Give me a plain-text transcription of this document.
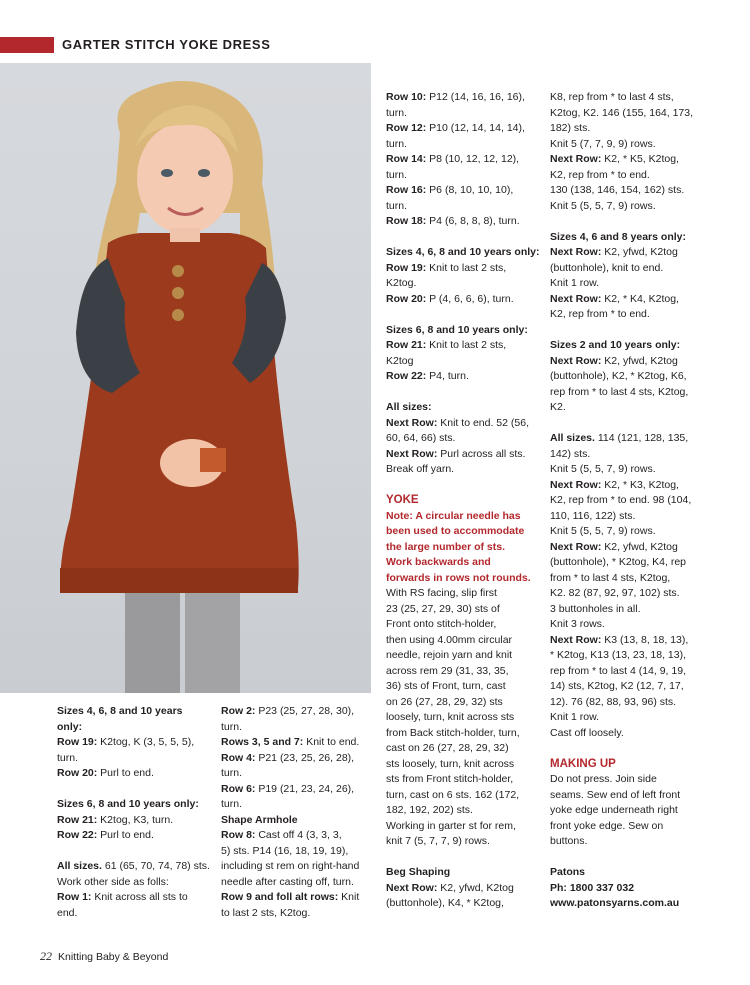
GARTER STITCH YOKE DRESS

Sizes 4, 6, 8 and 10 years

only:

Row 19: K2tog, K (3, 5, 5, 5),

turn.

Row 20: Purl to end.

Sizes 6, 8 and 10 years only:

Row 21: K2tog, K3, turn.

Row 22: Purl to end.

All sizes. 61 (65, 70, 74, 78) sts.

Work other side as folls:

Row 1: Knit across all sts to

end.

Row 2: P23 (25, 27, 28, 30),

turn.

Rows 3, 5 and 7: Knit to end.

Row 4: P21 (23, 25, 26, 28),

turn.

Row 6: P19 (21, 23, 24, 26),

turn.

Shape Armhole

Row 8: Cast off 4 (3, 3, 3,

5) sts. P14 (16, 18, 19, 19),

including st rem on right-hand

needle after casting off, turn.

Row 9 and foll alt rows: Knit

to last 2 sts, K2tog.

Row 10: P12 (14, 16, 16, 16),

turn.

Row 12: P10 (12, 14, 14, 14),

turn.

Row 14: P8 (10, 12, 12, 12),

turn.

Row 16: P6 (8, 10, 10, 10),

turn.

Row 18: P4 (6, 8, 8, 8), turn.

Sizes 4, 6, 8 and 10 years only:

Row 19: Knit to last 2 sts,

K2tog.

Row 20: P (4, 6, 6, 6), turn.

Sizes 6, 8 and 10 years only:

Row 21: Knit to last 2 sts,

K2tog

Row 22: P4, turn.

All sizes:

Next Row: Knit to end. 52 (56,

60, 64, 66) sts.

Next Row: Purl across all sts.

Break off yarn.

YOKE

Note: A circular needle has

been used to accommodate

the large number of sts.

Work backwards and

forwards in rows not rounds.

With RS facing, slip first

23 (25, 27, 29, 30) sts of

Front onto stitch-holder,

then using 4.00mm circular

needle, rejoin yarn and knit

across rem 29 (31, 33, 35,

36) sts of Front, turn, cast

on 26 (27, 28, 29, 32) sts

loosely, turn, knit across sts

from Back stitch-holder, turn,

cast on 26 (27, 28, 29, 32)

sts loosely, turn, knit across

sts from Front stitch-holder,

turn, cast on 6 sts. 162 (172,

182, 192, 202) sts.

Working in garter st for rem,

knit 7 (5, 7, 7, 9) rows.

Beg Shaping

Next Row: K2, yfwd, K2tog

(buttonhole), K4, * K2tog,

K8, rep from * to last 4 sts,

K2tog, K2. 146 (155, 164, 173,

182) sts.

Knit 5 (7, 7, 9, 9) rows.

Next Row: K2, * K5, K2tog,

K2, rep from * to end.

130 (138, 146, 154, 162) sts.

Knit 5 (5, 5, 7, 9) rows.

Sizes 4, 6 and 8 years only:

Next Row: K2, yfwd, K2tog

(buttonhole), knit to end.

Knit 1 row.

Next Row: K2, * K4, K2tog,

K2, rep from * to end.

Sizes 2 and 10 years only:

Next Row: K2, yfwd, K2tog

(buttonhole), K2, * K2tog, K6,

rep from * to last 4 sts, K2tog,

K2.

All sizes. 114 (121, 128, 135,

142) sts.

Knit 5 (5, 5, 7, 9) rows.

Next Row: K2, * K3, K2tog,

K2, rep from * to end. 98 (104,

110, 116, 122) sts.

Knit 5 (5, 5, 7, 9) rows.

Next Row: K2, yfwd, K2tog

(buttonhole), * K2tog, K4, rep

from * to last 4 sts, K2tog,

K2. 82 (87, 92, 97, 102) sts.

3 buttonholes in all.

Knit 3 rows.

Next Row: K3 (13, 8, 18, 13),

* K2tog, K13 (13, 23, 18, 13),

rep from * to last 4 (14, 9, 19,

14) sts, K2tog, K2 (12, 7, 17,

12). 76 (82, 88, 93, 96) sts.

Knit 1 row.

Cast off loosely.

MAKING UP

Do not press. Join side

seams. Sew end of left front

yoke edge underneath right

front yoke edge. Sew on

buttons.

Patons

Ph: 1800 337 032

www.patonsyarns.com.au

22 Knitting Baby & Beyond
